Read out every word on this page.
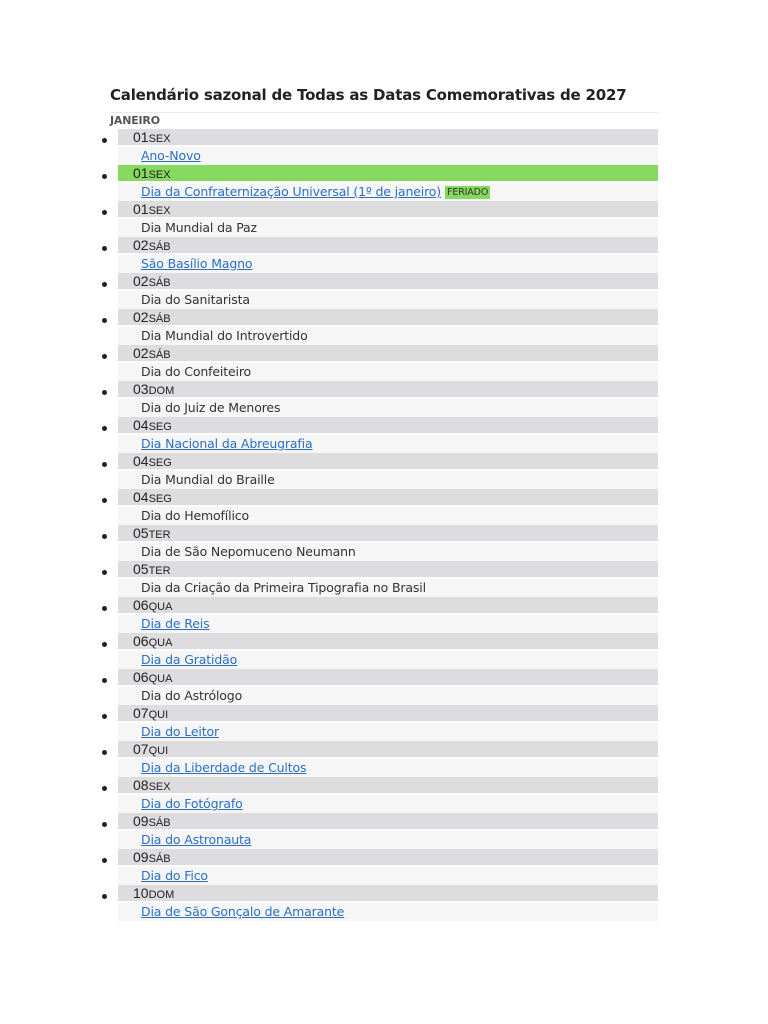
Calendário sazonal de Todas as Datas Comemorativas de 2027
JANEIRO
01SEX
Ano-Novo
01SEX
Dia da Confraternização Universal (1º de janeiro) FERIADO
01SEX
Dia Mundial da Paz
02SÁB
São Basílio Magno
02SÁB
Dia do Sanitarista
02SÁB
Dia Mundial do Introvertido
02SÁB
Dia do Confeiteiro
03DOM
Dia do Juiz de Menores
04SEG
Dia Nacional da Abreugrafia
04SEG
Dia Mundial do Braille
04SEG
Dia do Hemofílico
05TER
Dia de São Nepomuceno Neumann
05TER
Dia da Criação da Primeira Tipografia no Brasil
06QUA
Dia de Reis
06QUA
Dia da Gratidão
06QUA
Dia do Astrólogo
07QUI
Dia do Leitor
07QUI
Dia da Liberdade de Cultos
08SEX
Dia do Fotógrafo
09SÁB
Dia do Astronauta
09SÁB
Dia do Fico
10DOM
Dia de São Gonçalo de Amarante
